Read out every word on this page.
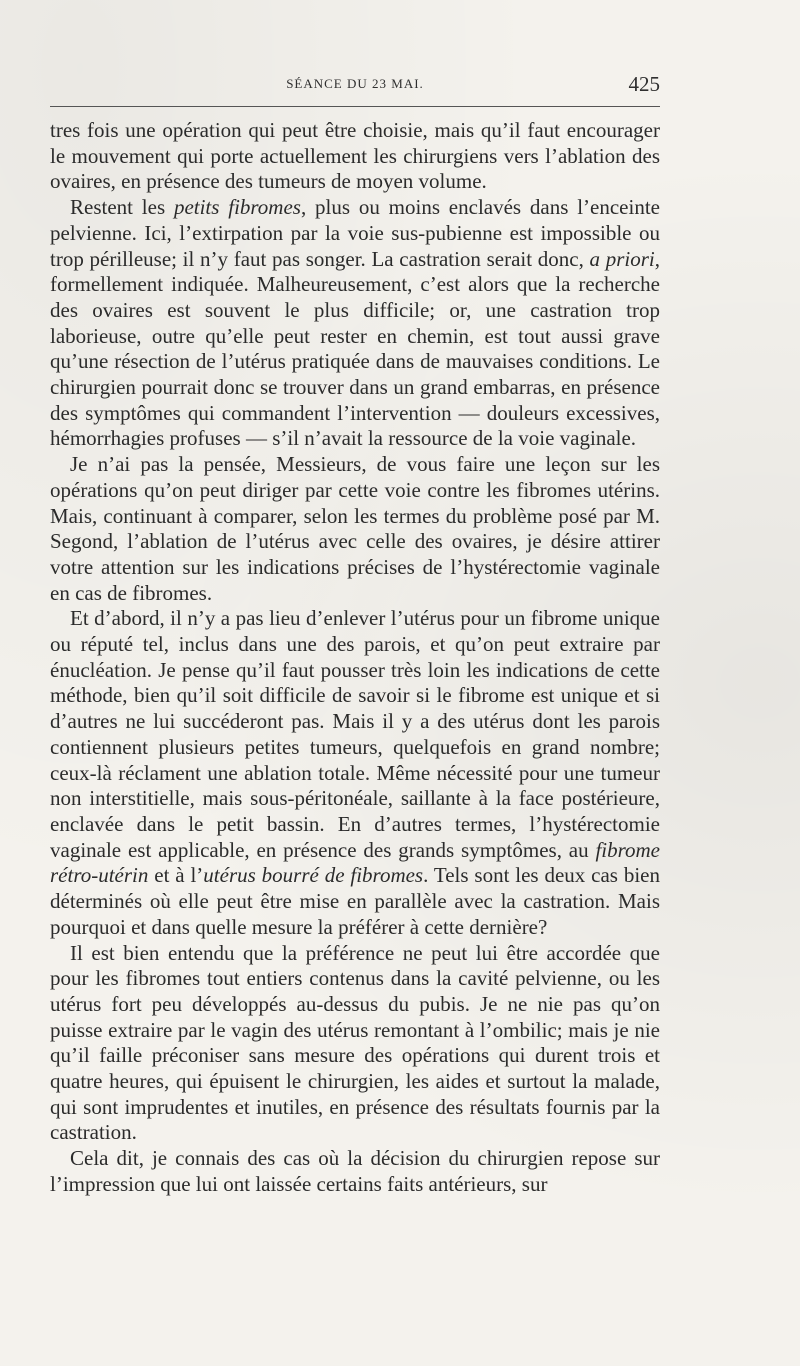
SÉANCE DU 23 MAI.	425

tres fois une opération qui peut être choisie, mais qu’il faut encourager le mouvement qui porte actuellement les chirurgiens vers l’ablation des ovaires, en présence des tumeurs de moyen volume.

Restent les petits fibromes, plus ou moins enclavés dans l’enceinte pelvienne. Ici, l’extirpation par la voie sus-pubienne est impossible ou trop périlleuse; il n’y faut pas songer. La castration serait donc, a priori, formellement indiquée. Malheureusement, c’est alors que la recherche des ovaires est souvent le plus difficile; or, une castration trop laborieuse, outre qu’elle peut rester en chemin, est tout aussi grave qu’une résection de l’utérus pratiquée dans de mauvaises conditions. Le chirurgien pourrait donc se trouver dans un grand embarras, en présence des symptômes qui commandent l’intervention — douleurs excessives, hémorrhagies profuses — s’il n’avait la ressource de la voie vaginale.

Je n’ai pas la pensée, Messieurs, de vous faire une leçon sur les opérations qu’on peut diriger par cette voie contre les fibromes utérins. Mais, continuant à comparer, selon les termes du problème posé par M. Segond, l’ablation de l’utérus avec celle des ovaires, je désire attirer votre attention sur les indications précises de l’hystérectomie vaginale en cas de fibromes.

Et d’abord, il n’y a pas lieu d’enlever l’utérus pour un fibrome unique ou réputé tel, inclus dans une des parois, et qu’on peut extraire par énucléation. Je pense qu’il faut pousser très loin les indications de cette méthode, bien qu’il soit difficile de savoir si le fibrome est unique et si d’autres ne lui succéderont pas. Mais il y a des utérus dont les parois contiennent plusieurs petites tumeurs, quelquefois en grand nombre; ceux-là réclament une ablation totale. Même nécessité pour une tumeur non interstitielle, mais sous-péritonéale, saillante à la face postérieure, enclavée dans le petit bassin. En d’autres termes, l’hystérectomie vaginale est applicable, en présence des grands symptômes, au fibrome rétro-utérin et à l’utérus bourré de fibromes. Tels sont les deux cas bien déterminés où elle peut être mise en parallèle avec la castration. Mais pourquoi et dans quelle mesure la préférer à cette dernière?

Il est bien entendu que la préférence ne peut lui être accordée que pour les fibromes tout entiers contenus dans la cavité pelvienne, ou les utérus fort peu développés au-dessus du pubis. Je ne nie pas qu’on puisse extraire par le vagin des utérus remontant à l’ombilic; mais je nie qu’il faille préconiser sans mesure des opérations qui durent trois et quatre heures, qui épuisent le chirurgien, les aides et surtout la malade, qui sont imprudentes et inutiles, en présence des résultats fournis par la castration.

Cela dit, je connais des cas où la décision du chirurgien repose sur l’impression que lui ont laissée certains faits antérieurs, sur
